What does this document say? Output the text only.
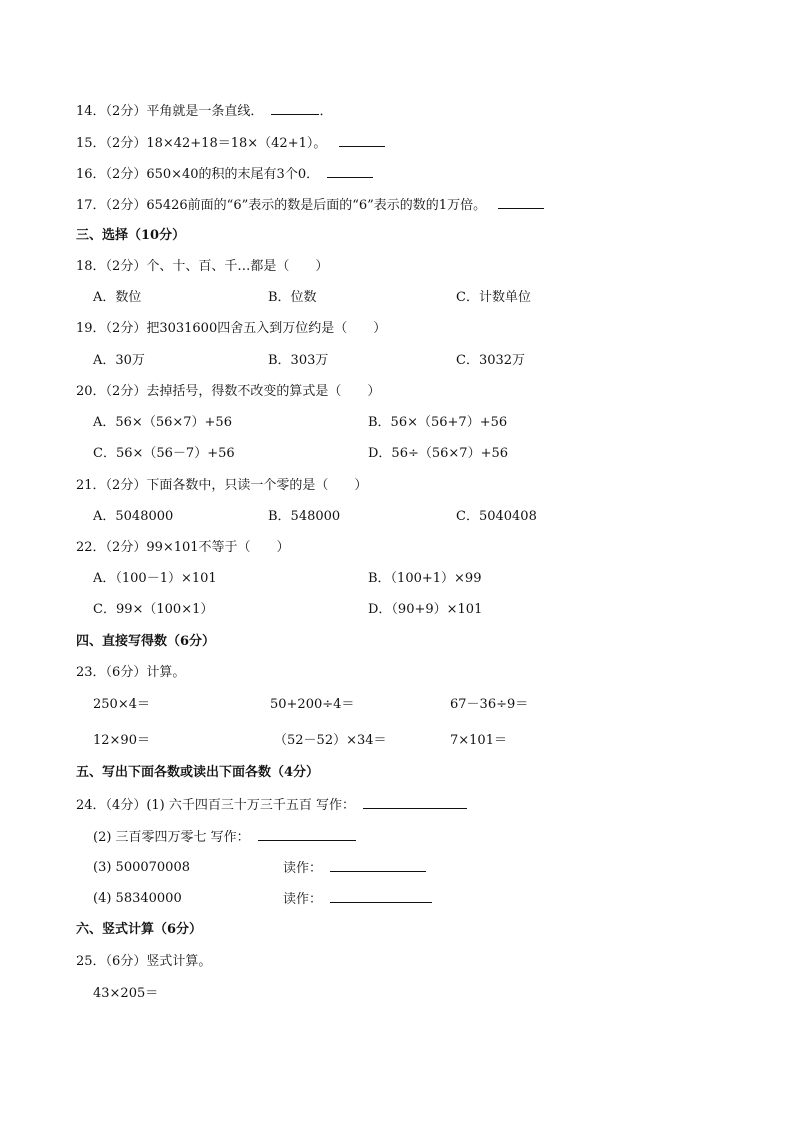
14．（2分）平角就是一条直线．	．
15．（2分）18×42+18＝18×（42+1）。
16．（2分）650×40的积的末尾有3个0．
17．（2分）65426前面的“6”表示的数是后面的“6”表示的数的1万倍。
三、选择（10分）
18．（2分）个、十、百、千…都是（　　）
A．数位	B．位数	C．计数单位
19．（2分）把3031600四舍五入到万位约是（　　）
A．30万	B．303万	C．3032万
20．（2分）去掉括号，得数不改变的算式是（　　）
A．56×（56×7）+56	B．56×（56+7）+56
C．56×（56－7）+56	D．56÷（56×7）+56
21．（2分）下面各数中，只读一个零的是（　　）
A．5048000	B．548000	C．5040408
22．（2分）99×101不等于（　　）
A．（100－1）×101	B．（100+1）×99
C．99×（100×1）	D．（90+9）×101
四、直接写得数（6分）
23．（6分）计算。
250×4＝	50+200÷4＝	67－36÷9＝
12×90＝	（52－52）×34＝	7×101＝
五、写出下面各数或读出下面各数（4分）
24．（4分）(1) 六千四百三十万三千五百 写作：
(2) 三百零四万零七 写作：
(3) 500070008	读作：
(4) 58340000	读作：
六、竖式计算（6分）
25．（6分）竖式计算。
43×205＝
